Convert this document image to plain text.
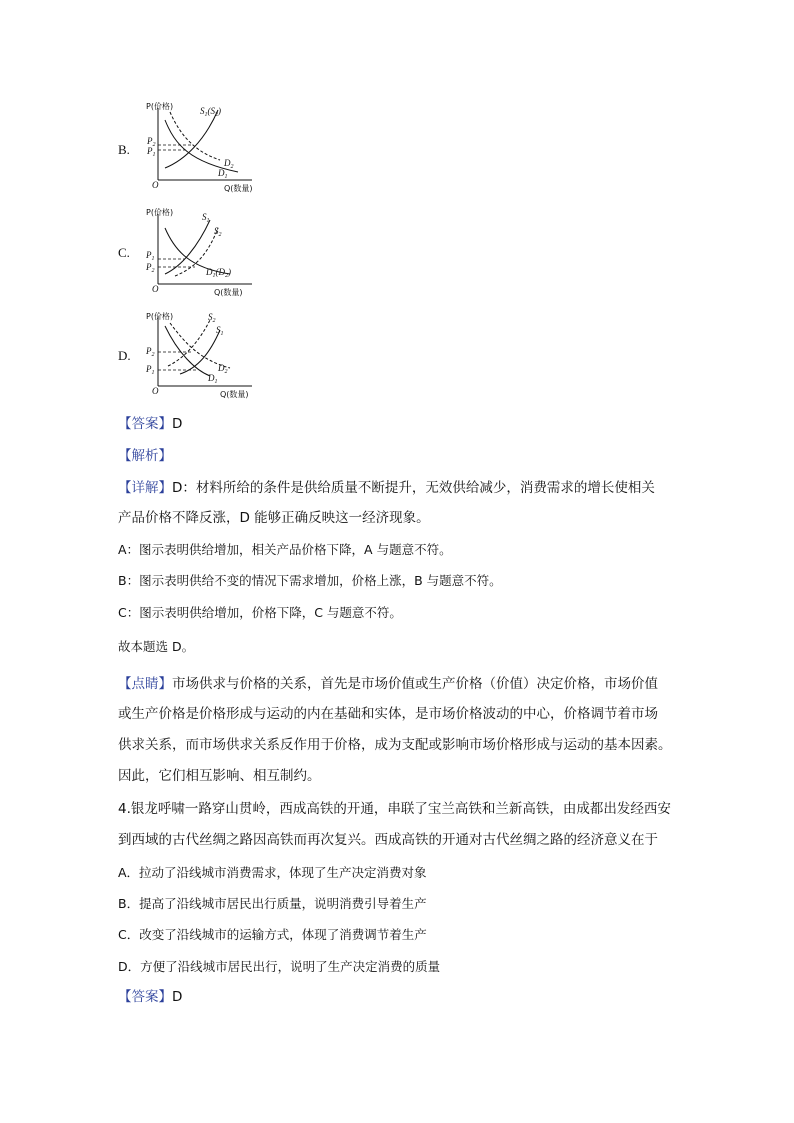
B.
P(价格)
Q(数量)
O
$P_2$
$P_1$
$S_1(S_2)$
$D_2$
$D_1$
C.
P(价格)
Q(数量)
O
$P_1$
$P_2$
$S_1$
$S_2$
$D_1(D_2)$
D.
P(价格)
Q(数量)
O
$P_2$
$P_1$
$S_2$
$S_1$
$D_2$
$D_1$
【答案】D
【解析】
【详解】D：材料所给的条件是供给质量不断提升，无效供给减少，消费需求的增长使相关
产品价格不降反涨，D 能够正确反映这一经济现象。
A：图示表明供给增加，相关产品价格下降，A 与题意不符。
B：图示表明供给不变的情况下需求增加，价格上涨，B 与题意不符。
C：图示表明供给增加，价格下降，C 与题意不符。
故本题选 D。
【点睛】市场供求与价格的关系，首先是市场价值或生产价格（价值）决定价格，市场价值
或生产价格是价格形成与运动的内在基础和实体，是市场价格波动的中心，价格调节着市场
供求关系，而市场供求关系反作用于价格，成为支配或影响市场价格形成与运动的基本因素。
因此，它们相互影响、相互制约。
4.银龙呼啸一路穿山贯岭，西成高铁的开通，串联了宝兰高铁和兰新高铁，由成都出发经西安
到西域的古代丝绸之路因高铁而再次复兴。西成高铁的开通对古代丝绸之路的经济意义在于
A．拉动了沿线城市消费需求，体现了生产决定消费对象
B．提高了沿线城市居民出行质量，说明消费引导着生产
C．改变了沿线城市的运输方式，体现了消费调节着生产
D．方便了沿线城市居民出行，说明了生产决定消费的质量
【答案】D
